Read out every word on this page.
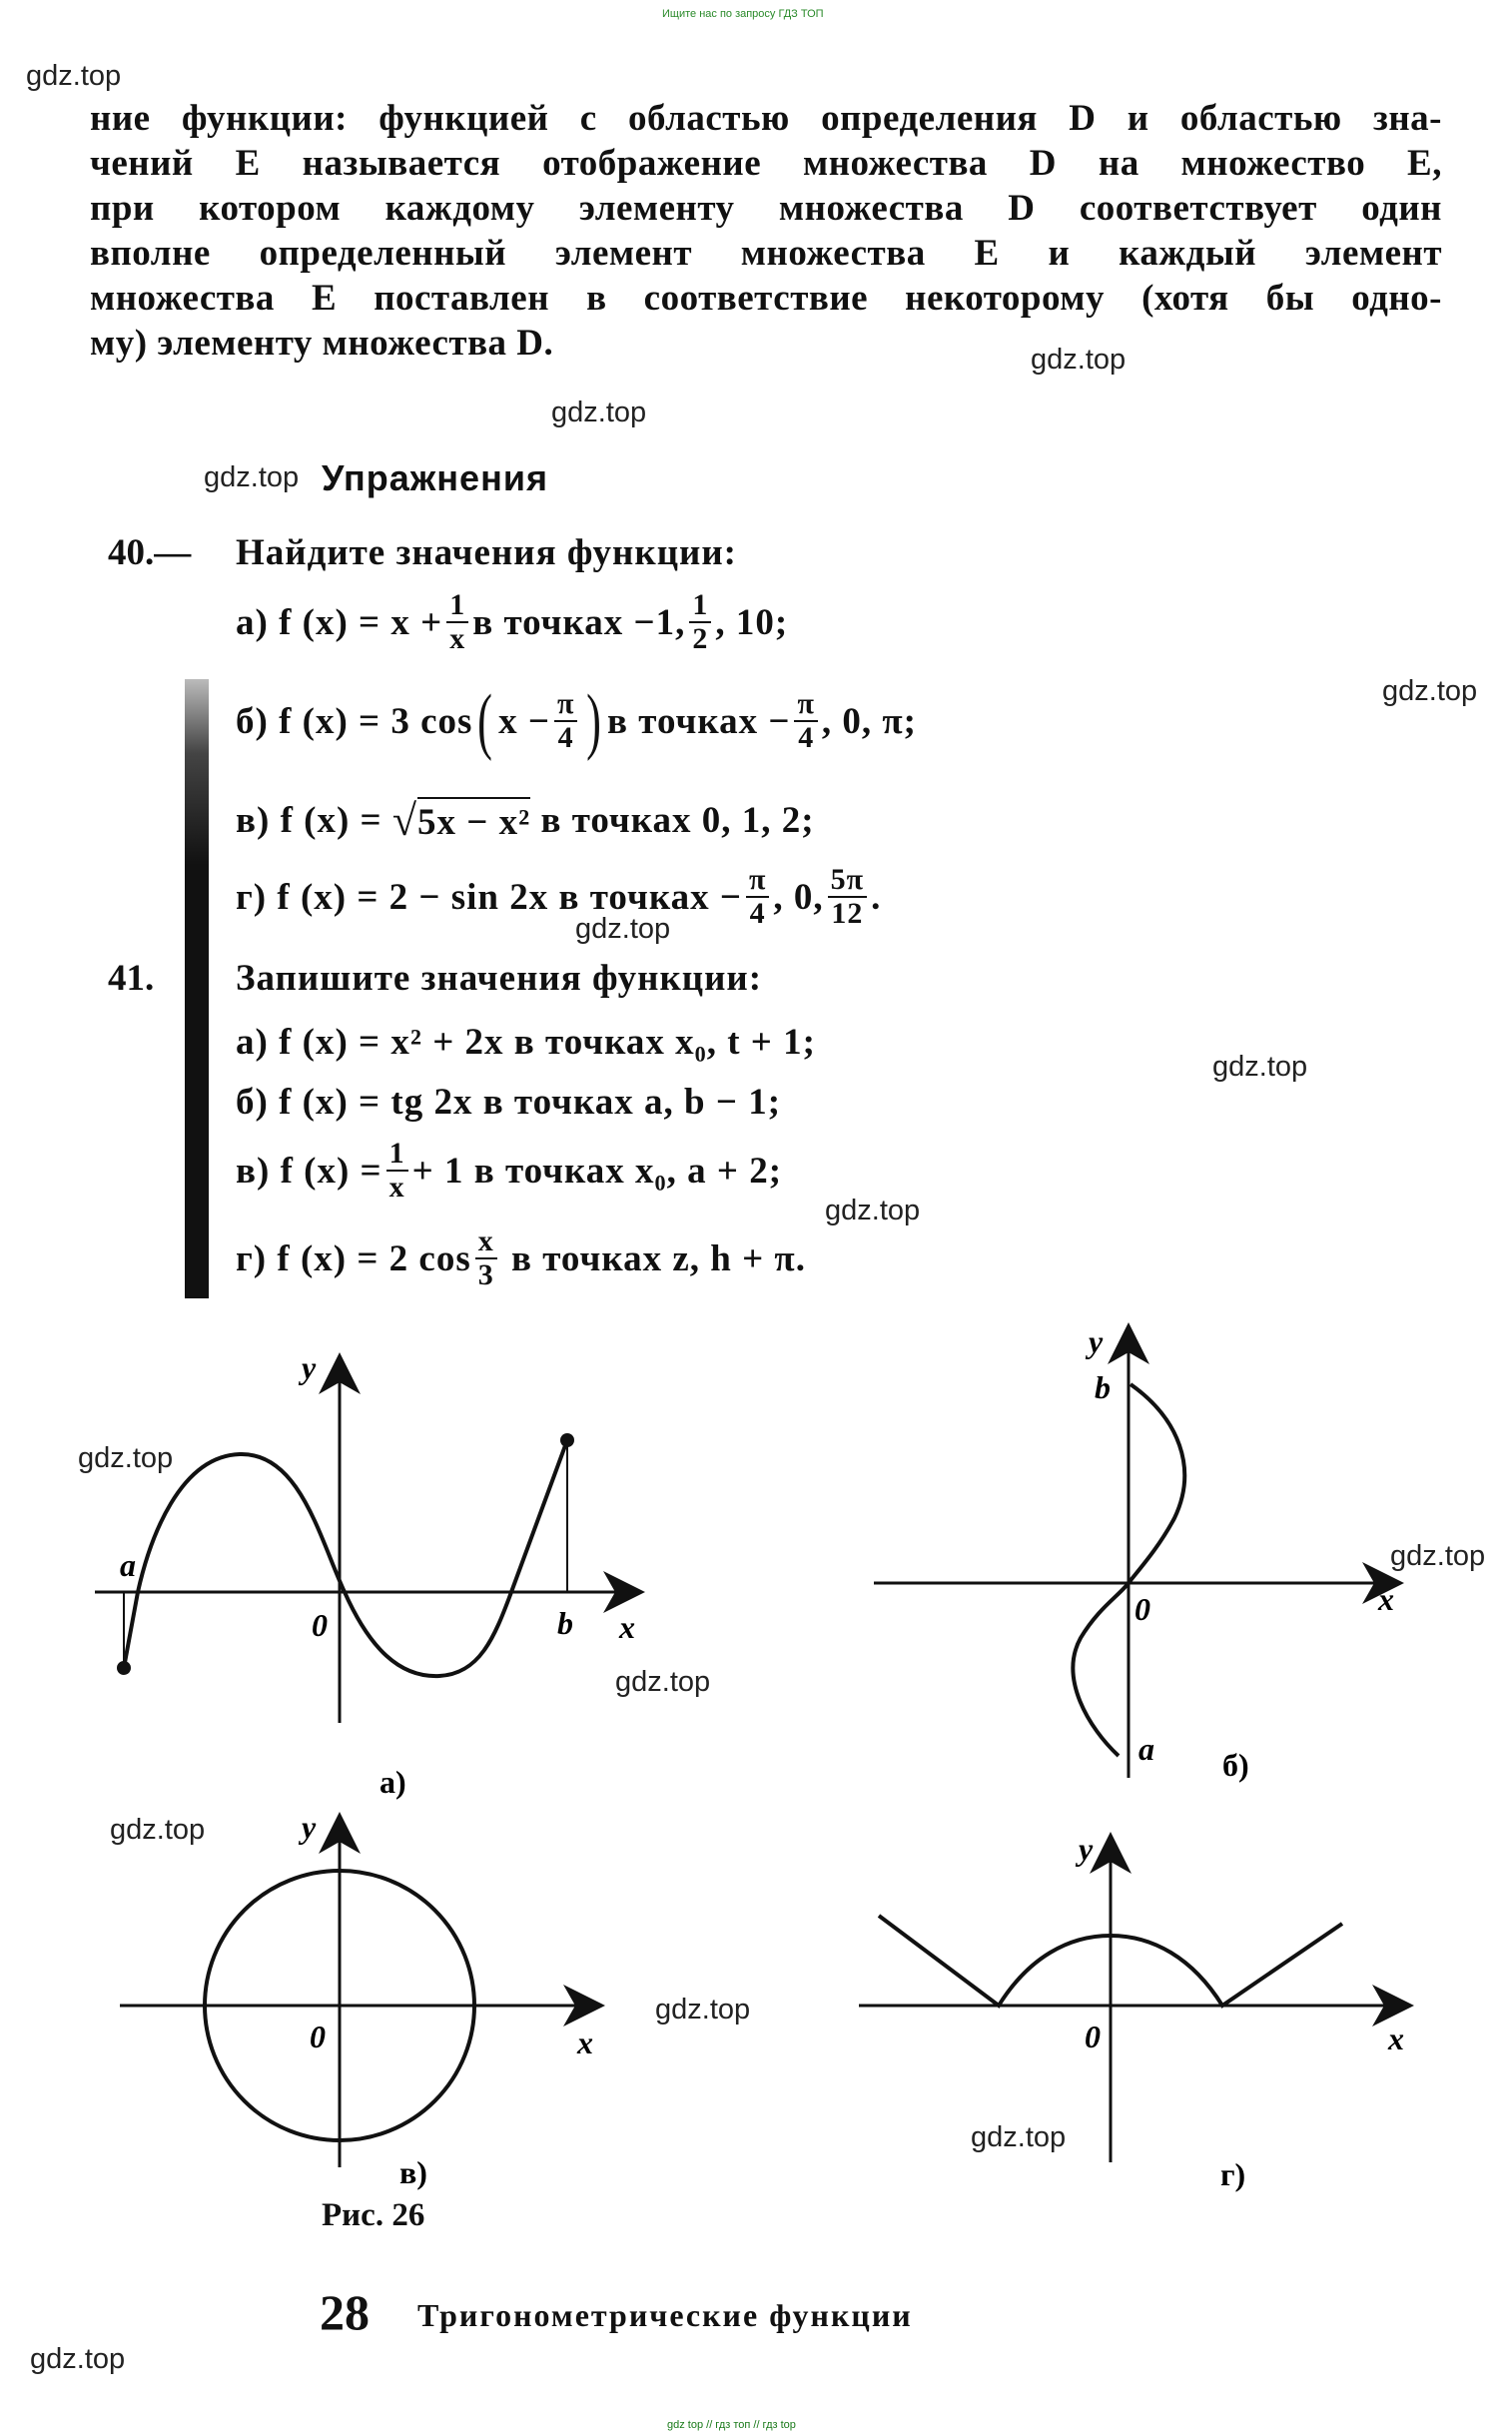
Ищите нас по запросу ГДЗ ТОП
gdz.top
gdz.top
gdz.top
gdz.top
gdz.top
gdz.top
gdz.top
gdz.top
gdz.top
gdz.top
gdz.top
gdz.top
gdz.top
gdz.top
gdz.top
ние функции: функцией с областью определения D и областью зна-
чений E называется отображение множества D на множество E,
при котором каждому элементу множества D соответствует один
вполне определенный элемент множества E и каждый элемент
множества E поставлен в соответствие некоторому (хотя бы одно-
му) элементу множества D.
Упражнения
40.— Найдите значения функции:
а)
f $(x) = x + \frac{1}{x}$ в точках −1, $\frac{1}{2}$ , 10;
б)
f (x) = 3 cos ( $x - \frac{\pi}{4}$ ) в точках − $\frac{\pi}{4}$ , 0, π;
в)
f (x) =
√ 5x − x²
в точках 0, 1, 2;
г)
f (x) = 2 − sin 2x в точках − $\frac{\pi}{4}$ , 0, $\frac{5\pi}{12}$ .
41. Запишите значения функции:
а)
f (x) = x² + 2x в точках x₀, t + 1;
б)
f (x) = tg 2x в точках a, b − 1;
в)
f $(x) = \frac{1}{x} + 1$ в точках x₀, a + 2;
г)
f (x) = 2 $\cos \frac{x}{3}$
в точках z, h + π.
y
x
0
a
b
а)
y
x
0
b
a б)
y
x
0
в)
y
x
0
г)
Рис. 26
28 Тригонометрические функции
gdz top // гдз топ // гдз top
